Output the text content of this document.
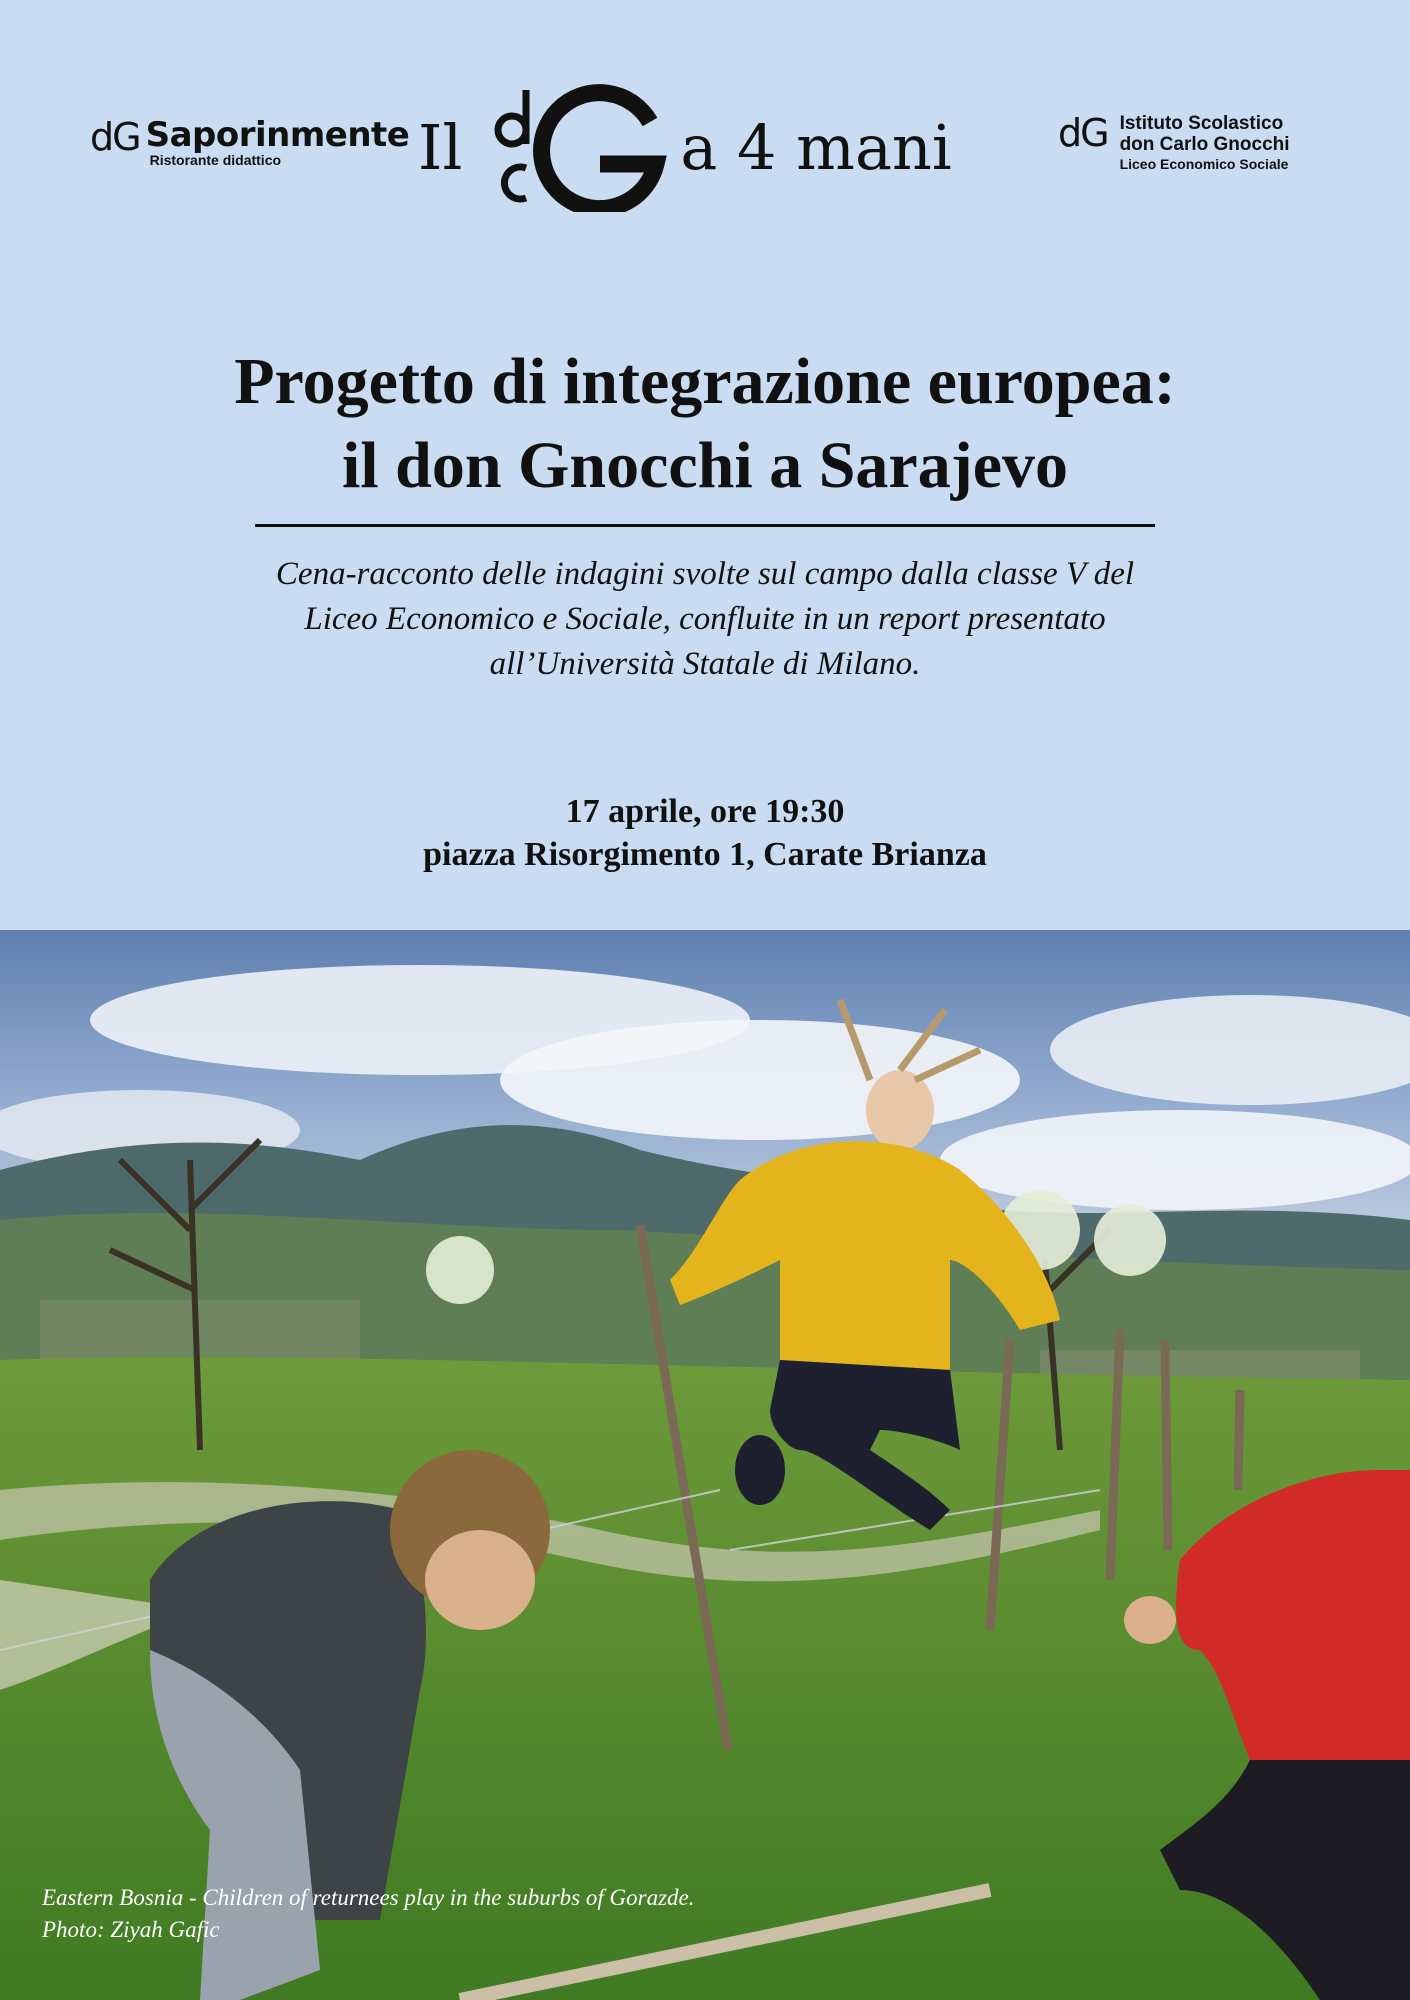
dG Saporinmente
Ristorante didattico	Il	a 4 mani	dG Istituto Scolastico
don Carlo Gnocchi
Liceo Economico Sociale
Progetto di integrazione europea:
il don Gnocchi a Sarajevo
Cena-racconto delle indagini svolte sul campo dalla classe V del
Liceo Economico e Sociale, confluite in un report presentato
all’Università Statale di Milano.
17 aprile, ore 19:30
piazza Risorgimento 1, Carate Brianza
Eastern Bosnia - Children of returnees play in the suburbs of Gorazde.
Photo: Ziyah Gafic
